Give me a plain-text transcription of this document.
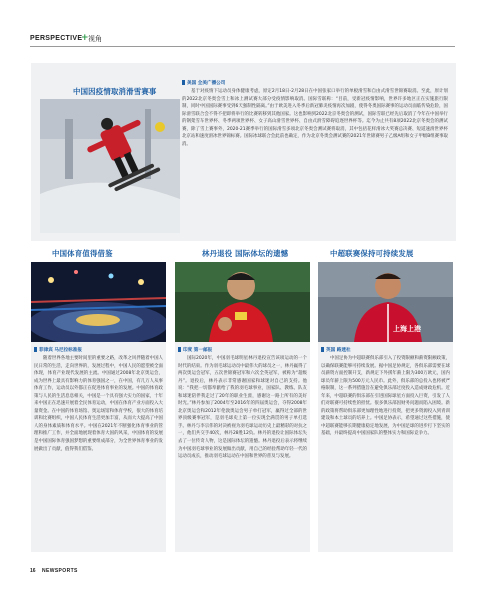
PERSPECTIVE
+ 视角
中国因疫情取消滑雪赛事
美国 全美广播公司

基于对疫情下运动员身体健康考虑，原定2月18日-2月28日在中国张家口举行的单板滑雪和自由式滑雪世锦赛取消。至此，原计划的2022北京冬奥会雪上和冰上测试赛大部分受疫情影响取消。国际雪联称：“目前，受新冠疫情影响，世界许多地区正在实施旅行限制，同时中国国际赛事受到6天强制性隔离。”由于欧美进入冬季后新冠肺炎疫情再次加剧，使得冬奥国际赛事的运动员面临传染危险，国际滑雪联合会不得不把即将举行的比赛转移到其他国家。这也影响到2022北京冬奥会的测试，国际雪联已经先后取消了今年在中国举行的钢架雪车世界杯、冬季两项世界杯、女子高山滑雪世界杯、自由式滑雪障碍追逐世界杯等。迄今为止共有8项2022北京冬奥会的测试赛，除了雪上赛事外，2020-21赛季举行的国际滑雪多项北京冬奥会测试赛将取消，其中包括花样滑冰大奖赛总决赛、短道速滑世界杯北京站和速度滑冰世界锦标赛。国际冰球联合会此前也确定，作为北京冬奥会测试赛的2021年世锦赛男子乙级A组和女子甲级B组赛事取消。

中国体育值得借鉴	林丹退役 国际体坛的遗憾	中超联赛保持可持续发展
菲律宾 马尼拉标准报

随着世界各地主要时间里的重要之路，改革之风伴随着中国人民日常的生活，走向世界的，发展过程中，中国人民的愿望被全面体现，体育产业现代发展的主流。中国通过2008年北京奥运会，成为世界上最具有影响力的体育强国之一，在中国，有几万人从事体育工作，运动员以外都正在促进体育事业的发展。中国的体育政策与人民的生活息息相关，中国是一个具有强大实力的国家，十年来中国正在迅速开展着全民体育运动，中国在体育产业方面投入大量资金。在中国的体育场馆、奥运场馆和体育学校，很大的体育培训和比赛组织，中国人民体育生活更加丰富，从而大大提高了中国人的身体素质和体育水平。中国在2021年不断强化体育事业的管理和推广工作，并全面地展现着体育大国的风采，中国体育的发展是中国国际体育强国梦想的重要组成部分，为全世界体育事业的发展做出了贡献，值得我们借鉴。

印度 第一邮报

国际2020年，中国羽毛球明星林丹退役宣告该项运动的一个时代的结束。作为羽毛球运动员中最伟大的球员之一，林丹赢得了两次奥运会冠军，五次世锦赛冠军和六次全英冠军，被称为“超级丹”。退役后，林丹表示非常感谢国家和球迷对自己的支持。他说：“我把一切都奉献给了我的羽毛球事业，国家队、教练、队友和球迷陪伴我走过了20年的职业生涯，感谢这一路上所有的美好时光。”林丹参加了2004年至2016年的四届奥运会，夺得2008年北京奥运会和2012年伦敦奥运会男子单打冠军，赢得过全部的世界顶级赛事冠军，是羽毛球史上第一位实现全满贯的男子单打选手。林丹与李宗伟的对决被视为羽毛球运动历史上最精彩的对抗之一，他们共交手40次，林丹28胜12负。林丹的退役让国际体坛失去了一位传奇人物，这是国际体坛的遗憾。林丹退役后表示将继续为中国羽毛球事业的发展做出贡献，用自己的经验帮助年轻一代的运动员成长，推动羽毛球运动在中国和世界的普及与发展。

上海上港
英国 路透社

中国足协为中超联赛俱乐部引入了投资限额和薪资限额政策，以确保联赛能够可持续发展。据中国足协规定，各俱乐部需要在球员薪资方面控制开支，新规定下外援年薪上限为300万欧元，国内球员年薪上限为500万元人民币。此外，俱乐部的总投入也将被严格限制，这一系列措施旨在避免俱乐部过度投入造成财政危机。近年来，中超联赛的俱乐部在引进国际球星方面投入巨资，引发了人们对联赛可持续性的担忧。很多俱乐部因财务问题而陷入困境。新的政策将帮助俱乐部更加理性地进行投资，把更多资源投入到青训建设和本土球员的培养上。中国足协表示，希望通过这些措施，使中超联赛能够长期健康稳定地发展，为中国足球的进步打下坚实的基础，并最终提高中国国家队的整体实力和国际竞争力。

16 NEWSPORTS
